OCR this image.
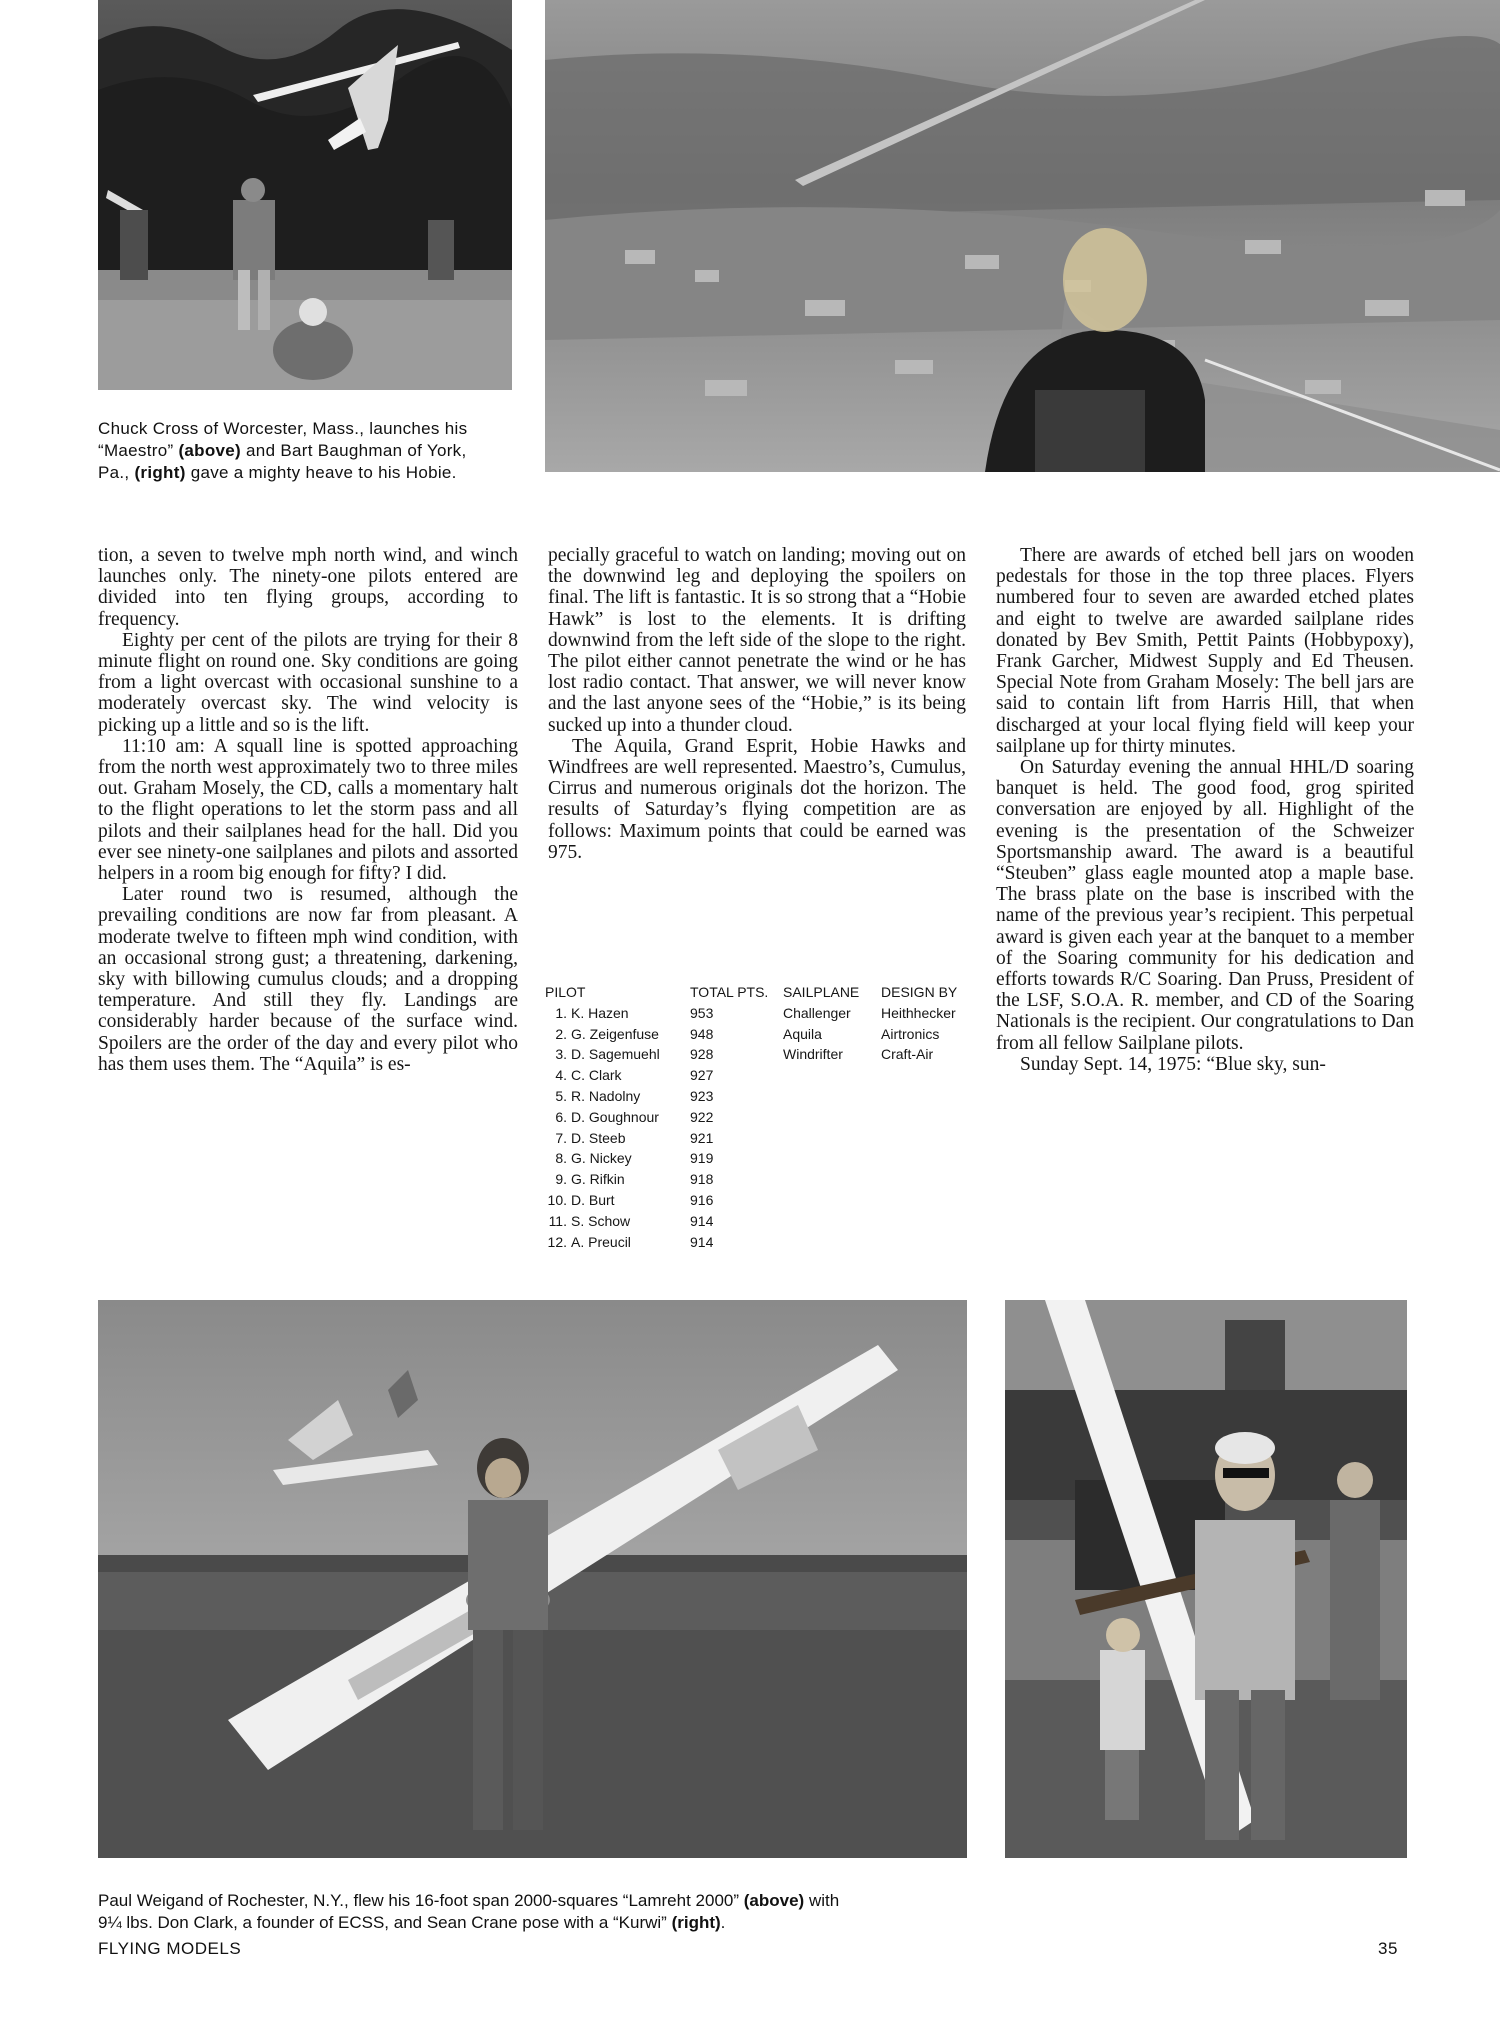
Chuck Cross of Worcester, Mass., launches his
“Maestro” (above) and Bart Baughman of York,
Pa., (right) gave a mighty heave to his Hobie.

tion, a seven to twelve mph north wind, and winch launches only. The ninety-one pilots entered are divided into ten flying groups, according to frequency.

Eighty per cent of the pilots are trying for their 8 minute flight on round one. Sky conditions are going from a light overcast with occasional sunshine to a moderately overcast sky. The wind velocity is picking up a little and so is the lift.

11:10 am: A squall line is spotted approaching from the north west approximately two to three miles out. Graham Mosely, the CD, calls a momentary halt to the flight operations to let the storm pass and all pilots and their sailplanes head for the hall. Did you ever see ninety-one sailplanes and pilots and assorted helpers in a room big enough for fifty? I did.

Later round two is resumed, although the prevailing conditions are now far from pleasant. A moderate twelve to fifteen mph wind condition, with an occasional strong gust; a threatening, darkening, sky with billowing cumulus clouds; and a dropping temperature. And still they fly. Landings are considerably harder because of the surface wind. Spoilers are the order of the day and every pilot who has them uses them. The “Aquila” is es-

pecially graceful to watch on landing; moving out on the downwind leg and deploying the spoilers on final. The lift is fantastic. It is so strong that a “Hobie Hawk” is lost to the elements. It is drifting downwind from the left side of the slope to the right. The pilot either cannot penetrate the wind or he has lost radio contact. That answer, we will never know and the last anyone sees of the “Hobie,” is its being sucked up into a thunder cloud.

The Aquila, Grand Esprit, Hobie Hawks and Windfrees are well represented. Maestro’s, Cumulus, Cirrus and numerous originals dot the horizon. The results of Saturday’s flying competition are as follows: Maximum points that could be earned was 975.

PILOT	TOTAL PTS.	SAILPLANE	DESIGN BY
1. K. Hazen	953	Challenger	Heithhecker
2. G. Zeigenfuse	948	Aquila	Airtronics
3. D. Sagemuehl	928	Windrifter	Craft-Air
4. C. Clark	927		
5. R. Nadolny	923		
6. D. Goughnour	922		
7. D. Steeb	921		
8. G. Nickey	919		
9. G. Rifkin	918		
10. D. Burt	916		
11. S. Schow	914		
12. A. Preucil	914		

There are awards of etched bell jars on wooden pedestals for those in the top three places. Flyers numbered four to seven are awarded etched plates and eight to twelve are awarded sailplane rides donated by Bev Smith, Pettit Paints (Hobbypoxy), Frank Garcher, Midwest Supply and Ed Theusen. Special Note from Graham Mosely: The bell jars are said to contain lift from Harris Hill, that when discharged at your local flying field will keep your sailplane up for thirty minutes.

On Saturday evening the annual HHL/D soaring banquet is held. The good food, grog spirited conversation are enjoyed by all. Highlight of the evening is the presentation of the Schweizer Sportsmanship award. The award is a beautiful “Steuben” glass eagle mounted atop a maple base. The brass plate on the base is inscribed with the name of the previous year’s recipient. This perpetual award is given each year at the banquet to a member of the Soaring community for his dedication and efforts towards R/C Soaring. Dan Pruss, President of the LSF, S.O.A. R. member, and CD of the Soaring Nationals is the recipient. Our congratulations to Dan from all fellow Sailplane pilots.

Sunday Sept. 14, 1975: “Blue sky, sun-

Paul Weigand of Rochester, N.Y., flew his 16-foot span 2000-squares “Lamreht 2000” (above) with
9¼ lbs. Don Clark, a founder of ECSS, and Sean Crane pose with a “Kurwi” (right).
FLYING MODELS	35
